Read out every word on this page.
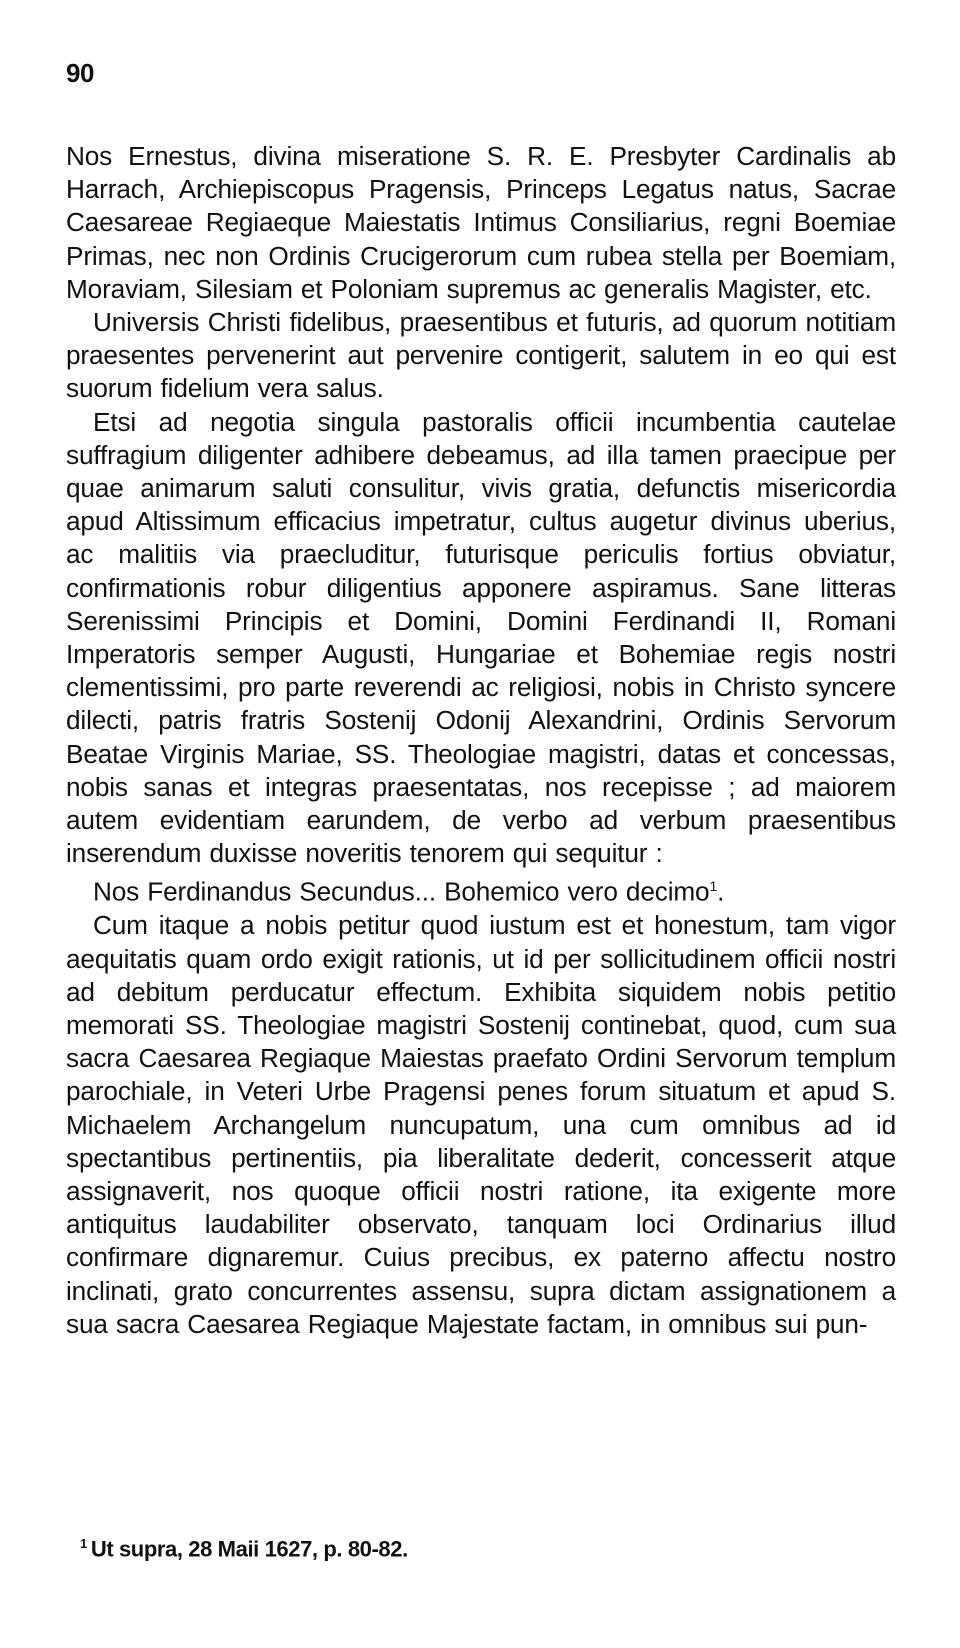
90

Nos Ernestus, divina miseratione S. R. E. Presbyter Cardinalis ab Harrach, Archiepiscopus Pragensis, Princeps Legatus natus, Sacrae Caesareae Regiaeque Maiestatis Intimus Consiliarius, regni Boemiae Primas, nec non Ordinis Crucigerorum cum rubea stella per Boemiam, Moraviam, Silesiam et Poloniam supremus ac generalis Magister, etc.

Universis Christi fidelibus, praesentibus et futuris, ad quorum notitiam praesentes pervenerint aut pervenire contigerit, salutem in eo qui est suorum fidelium vera salus.

Etsi ad negotia singula pastoralis officii incumbentia cautelae suffragium diligenter adhibere debeamus, ad illa tamen praecipue per quae animarum saluti consulitur, vivis gratia, defunctis misericordia apud Altissimum efficacius impetratur, cultus augetur divinus uberius, ac malitiis via praecluditur, futurisque periculis fortius obviatur, confirmationis robur diligentius apponere aspiramus. Sane litteras Serenissimi Principis et Domini, Domini Ferdinandi II, Romani Imperatoris semper Augusti, Hungariae et Bohemiae regis nostri clementissimi, pro parte reverendi ac religiosi, nobis in Christo syncere dilecti, patris fratris Sostenij Odonij Alexandrini, Ordinis Servorum Beatae Virginis Mariae, SS. Theologiae magistri, datas et concessas, nobis sanas et integras praesentatas, nos recepisse ; ad maiorem autem evidentiam earundem, de verbo ad verbum praesentibus inserendum duxisse noveritis tenorem qui sequitur :

Nos Ferdinandus Secundus... Bohemico vero decimo$^1$.

Cum itaque a nobis petitur quod iustum est et honestum, tam vigor aequitatis quam ordo exigit rationis, ut id per sollicitudinem officii nostri ad debitum perducatur effectum. Exhibita siquidem nobis petitio memorati SS. Theologiae magistri Sostenij continebat, quod, cum sua sacra Caesarea Regiaque Maiestas praefato Ordini Servorum templum parochiale, in Veteri Urbe Pragensi penes forum situatum et apud S. Michaelem Archangelum nuncupatum, una cum omnibus ad id spectantibus pertinentiis, pia liberalitate dederit, concesserit atque assignaverit, nos quoque officii nostri ratione, ita exigente more antiquitus laudabiliter observato, tanquam loci Ordinarius illud confirmare dignaremur. Cuius precibus, ex paterno affectu nostro inclinati, grato concurrentes assensu, supra dictam assignationem a sua sacra Caesarea Regiaque Majestate factam, in omnibus sui pun-

$^1$ Ut supra, 28 Maii 1627, p. 80-82.
